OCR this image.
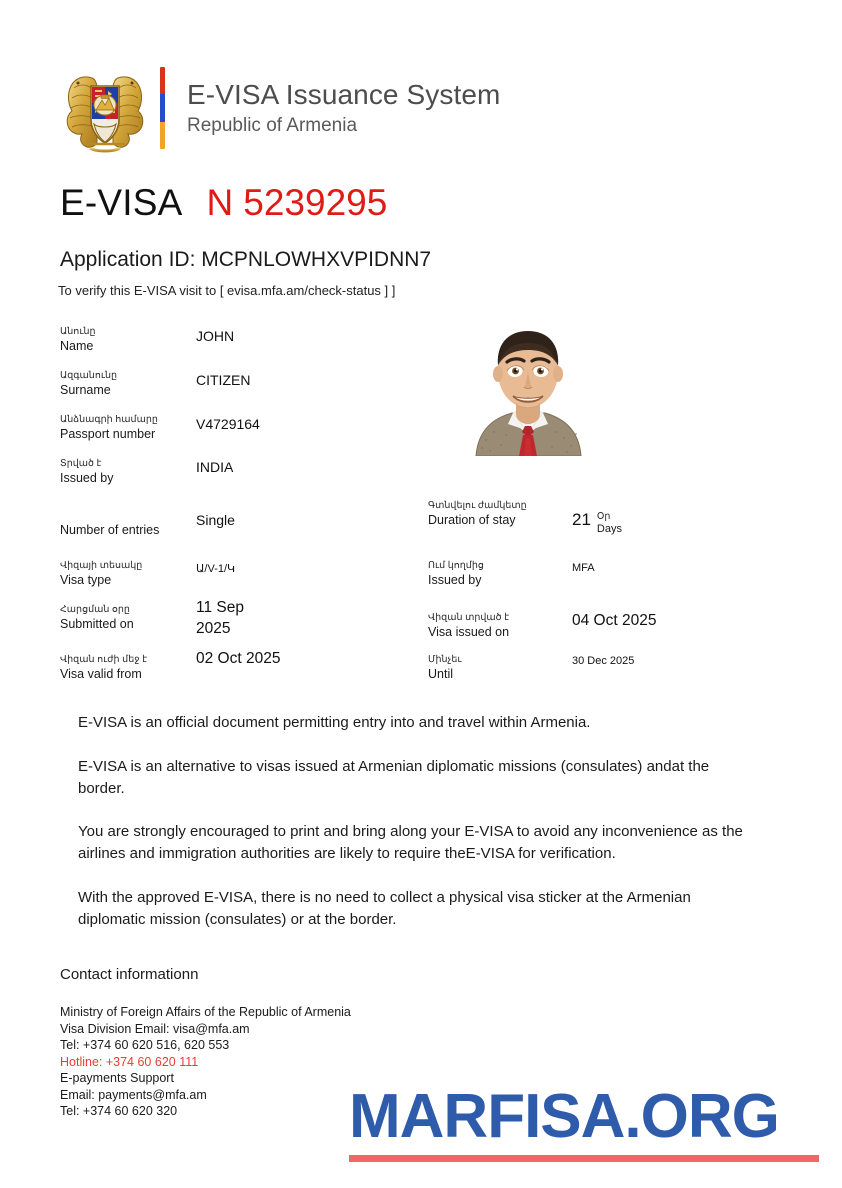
E-VISA Issuance System
Republic of Armenia
E-VISA N 5239295
Application ID: MCPNLOWHXVPIDNN7
To verify this E-VISA visit to [ evisa.mfa.am/check-status ] ]
Անունը
Name
JOHN
Ազգանունը
Surname
CITIZEN
Անձնագրի համարը
Passport number
V4729164
Տրված է
Issued by
INDIA
Number of entries
Single
Վիզայի տեսակը
Visa type
Ա/V-1/Կ
Հարցման օրը
Submitted on
11 Sep 2025
Վիզան ուժի մեջ է
Visa valid from
02 Oct 2025
Գտնվելու ժամկետը
Duration of stay	21 Օր
Days
Ում կողմից
Issued by
MFA
Վիզան տրված է
Visa issued on
04 Oct 2025
Մինչեւ
Until
30 Dec 2025

E-VISA is an official document permitting entry into and travel within Armenia.

E-VISA is an alternative to visas issued at Armenian diplomatic missions (consulates) andat the border.

You are strongly encouraged to print and bring along your E-VISA to avoid any inconvenience as the airlines and immigration authorities are likely to require theE-VISA for verification.

With the approved E-VISA, there is no need to collect a physical visa sticker at the Armenian diplomatic mission (consulates) or at the border.

Contact informationn
Ministry of Foreign Affairs of the Republic of Armenia
Visa Division Email: visa@mfa.am
Tel: +374 60 620 516, 620 553
Hotline: +374 60 620 111
E-payments Support
Email: payments@mfa.am
Tel: +374 60 620 320	MARFISA.ORG
